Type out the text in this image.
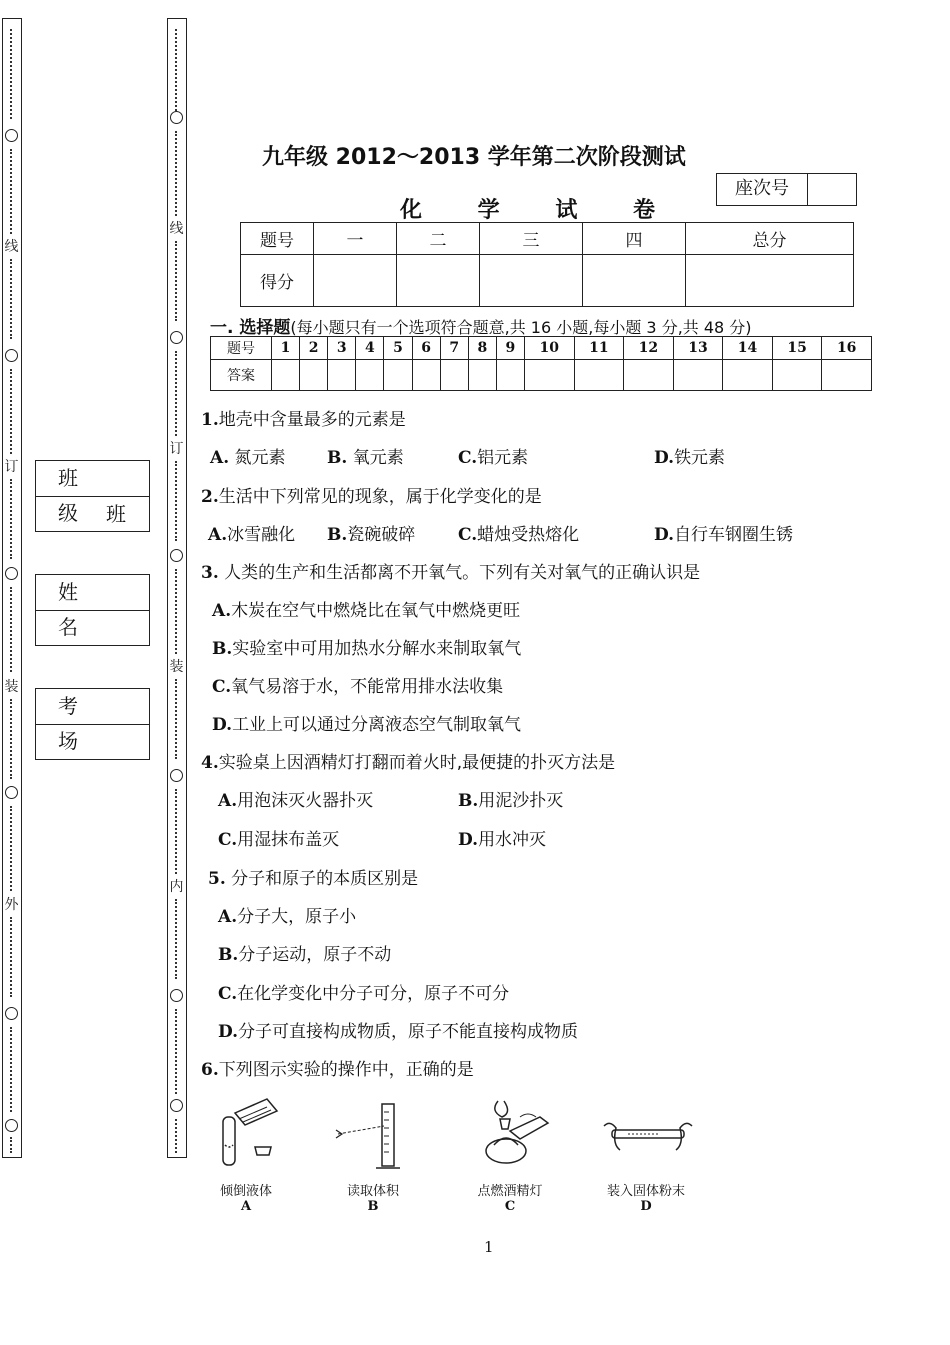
线
订
装
外
线
订
装
内
班 级
班
姓 名
考 场
九年级 2012～2013 学年第二次阶段测试
化 学 试 卷
座次号
题号	一	二	三	四	总分
得分					
一. 选择题(每小题只有一个选项符合题意,共 16 小题,每小题 3 分,共 48 分)
题号	1	2	3	4	5	6	7	8	9	10	11	12	13	14	15	16
答案																
1.地壳中含量最多的元素是
A. 氮元素 B. 氧元素	C.铝元素	D.铁元素
2.生活中下列常见的现象，属于化学变化的是
A.冰雪融化 B.瓷碗破碎	C.蜡烛受热熔化	D.自行车钢圈生锈
3. 人类的生产和生活都离不开氧气。下列有关对氧气的正确认识是
A.木炭在空气中燃烧比在氧气中燃烧更旺
B.实验室中可用加热水分解水来制取氧气
C.氧气易溶于水，不能常用排水法收集
D.工业上可以通过分离液态空气制取氧气
4.实验桌上因酒精灯打翻而着火时,最便捷的扑灭方法是
A.用泡沫灭火器扑灭	B.用泥沙扑灭
C.用湿抹布盖灭	D.用水冲灭
5. 分子和原子的本质区别是
A.分子大，原子小
B.分子运动，原子不动
C.在化学变化中分子可分，原子不可分
D.分子可直接构成物质，原子不能直接构成物质
6.下列图示实验的操作中，正确的是
倾倒液体
A
读取体积
B
点燃酒精灯
C
装入固体粉末
D
1
